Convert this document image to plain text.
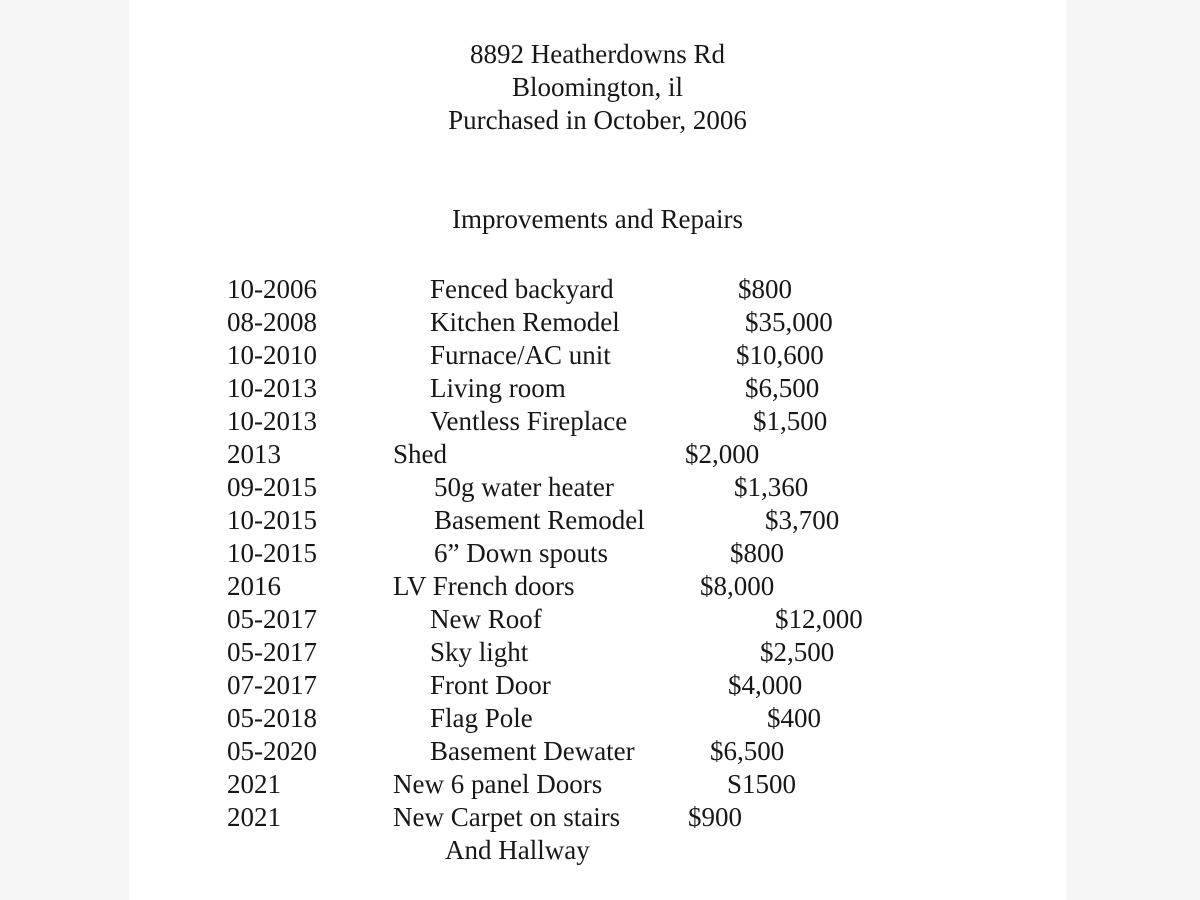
8892 Heatherdowns Rd
Bloomington, il
Purchased in October, 2006
Improvements and Repairs
10-2006	Fenced backyard	$800
08-2008	Kitchen Remodel	$35,000
10-2010	Furnace/AC unit	$10,600
10-2013	Living room	$6,500
10-2013	Ventless Fireplace	$1,500
2013	Shed	$2,000
09-2015	50g water heater	$1,360
10-2015	Basement Remodel	$3,700
10-2015	6” Down spouts	$800
2016	LV French doors	$8,000
05-2017	New Roof	$12,000
05-2017	Sky light	$2,500
07-2017	Front Door	$4,000
05-2018	Flag Pole	$400
05-2020	Basement Dewater	$6,500
2021	New 6 panel Doors	S1500
2021	New Carpet on stairs	$900
And Hallway
